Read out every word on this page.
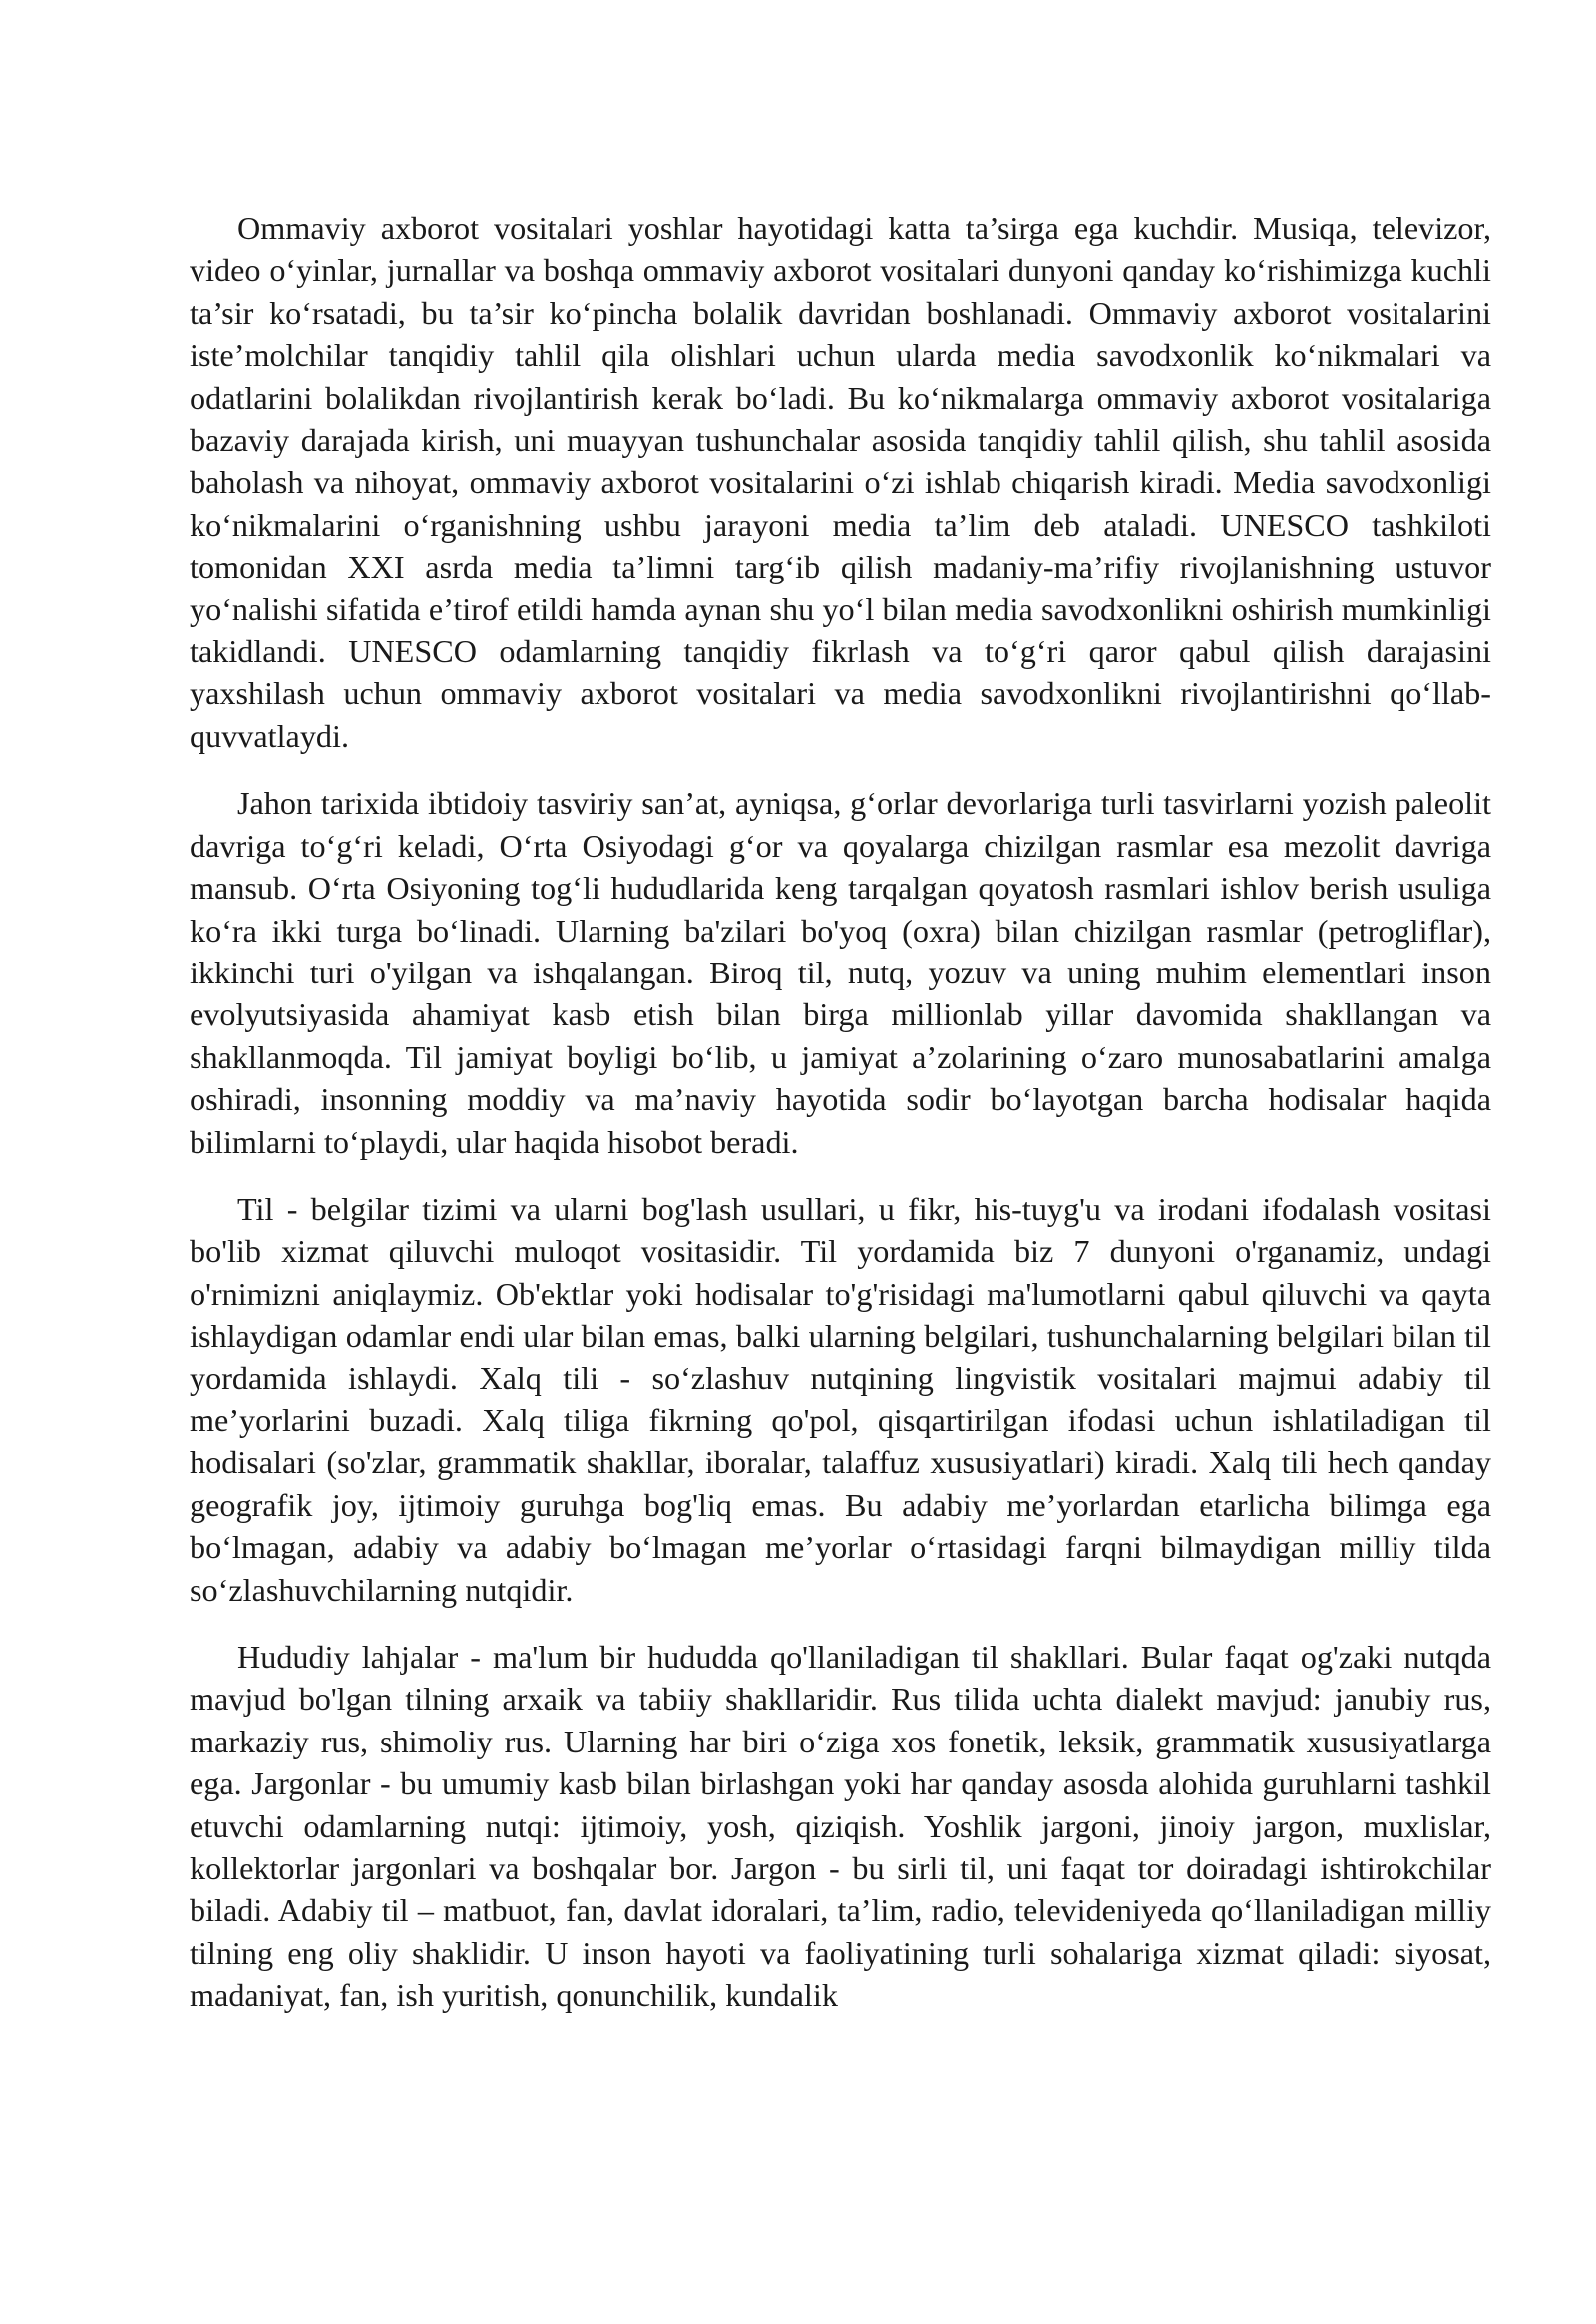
Ommaviy axborot vositalari yoshlar hayotidagi katta ta’sirga ega kuchdir. Musiqa, televizor, video o‘yinlar, jurnallar va boshqa ommaviy axborot vositalari dunyoni qanday ko‘rishimizga kuchli ta’sir ko‘rsatadi, bu ta’sir ko‘pincha bolalik davridan boshlanadi. Ommaviy axborot vositalarini iste’molchilar tanqidiy tahlil qila olishlari uchun ularda media savodxonlik ko‘nikmalari va odatlarini bolalikdan rivojlantirish kerak bo‘ladi. Bu ko‘nikmalarga ommaviy axborot vositalariga bazaviy darajada kirish, uni muayyan tushunchalar asosida tanqidiy tahlil qilish, shu tahlil asosida baholash va nihoyat, ommaviy axborot vositalarini o‘zi ishlab chiqarish kiradi. Media savodxonligi ko‘nikmalarini o‘rganishning ushbu jarayoni media ta’lim deb ataladi. UNESCO tashkiloti tomonidan XXI asrda media ta’limni targ‘ib qilish madaniy-ma’rifiy rivojlanishning ustuvor yo‘nalishi sifatida e’tirof etildi hamda aynan shu yo‘l bilan media savodxonlikni oshirish mumkinligi takidlandi. UNESCO odamlarning tanqidiy fikrlash va to‘g‘ri qaror qabul qilish darajasini yaxshilash uchun ommaviy axborot vositalari va media savodxonlikni rivojlantirishni qo‘llab-quvvatlaydi.

Jahon tarixida ibtidoiy tasviriy san’at, ayniqsa, g‘orlar devorlariga turli tasvirlarni yozish paleolit davriga to‘g‘ri keladi, O‘rta Osiyodagi g‘or va qoyalarga chizilgan rasmlar esa mezolit davriga mansub. O‘rta Osiyoning tog‘li hududlarida keng tarqalgan qoyatosh rasmlari ishlov berish usuliga ko‘ra ikki turga bo‘linadi. Ularning ba'zilari bo'yoq (oxra) bilan chizilgan rasmlar (petrogliflar), ikkinchi turi o'yilgan va ishqalangan. Biroq til, nutq, yozuv va uning muhim elementlari inson evolyutsiyasida ahamiyat kasb etish bilan birga millionlab yillar davomida shakllangan va shakllanmoqda. Til jamiyat boyligi bo‘lib, u jamiyat a’zolarining o‘zaro munosabatlarini amalga oshiradi, insonning moddiy va ma’naviy hayotida sodir bo‘layotgan barcha hodisalar haqida bilimlarni to‘playdi, ular haqida hisobot beradi.

Til - belgilar tizimi va ularni bog'lash usullari, u fikr, his-tuyg'u va irodani ifodalash vositasi bo'lib xizmat qiluvchi muloqot vositasidir. Til yordamida biz 7 dunyoni o'rganamiz, undagi o'rnimizni aniqlaymiz. Ob'ektlar yoki hodisalar to'g'risidagi ma'lumotlarni qabul qiluvchi va qayta ishlaydigan odamlar endi ular bilan emas, balki ularning belgilari, tushunchalarning belgilari bilan til yordamida ishlaydi. Xalq tili - so‘zlashuv nutqining lingvistik vositalari majmui adabiy til me’yorlarini buzadi. Xalq tiliga fikrning qo'pol, qisqartirilgan ifodasi uchun ishlatiladigan til hodisalari (so'zlar, grammatik shakllar, iboralar, talaffuz xususiyatlari) kiradi. Xalq tili hech qanday geografik joy, ijtimoiy guruhga bog'liq emas. Bu adabiy me’yorlardan etarlicha bilimga ega bo‘lmagan, adabiy va adabiy bo‘lmagan me’yorlar o‘rtasidagi farqni bilmaydigan milliy tilda so‘zlashuvchilarning nutqidir.

Hududiy lahjalar - ma'lum bir hududda qo'llaniladigan til shakllari. Bular faqat og'zaki nutqda mavjud bo'lgan tilning arxaik va tabiiy shakllaridir. Rus tilida uchta dialekt mavjud: janubiy rus, markaziy rus, shimoliy rus. Ularning har biri o‘ziga xos fonetik, leksik, grammatik xususiyatlarga ega. Jargonlar - bu umumiy kasb bilan birlashgan yoki har qanday asosda alohida guruhlarni tashkil etuvchi odamlarning nutqi: ijtimoiy, yosh, qiziqish. Yoshlik jargoni, jinoiy jargon, muxlislar, kollektorlar jargonlari va boshqalar bor. Jargon - bu sirli til, uni faqat tor doiradagi ishtirokchilar biladi. Adabiy til – matbuot, fan, davlat idoralari, ta’lim, radio, televideniyeda qo‘llaniladigan milliy tilning eng oliy shaklidir. U inson hayoti va faoliyatining turli sohalariga xizmat qiladi: siyosat, madaniyat, fan, ish yuritish, qonunchilik, kundalik
